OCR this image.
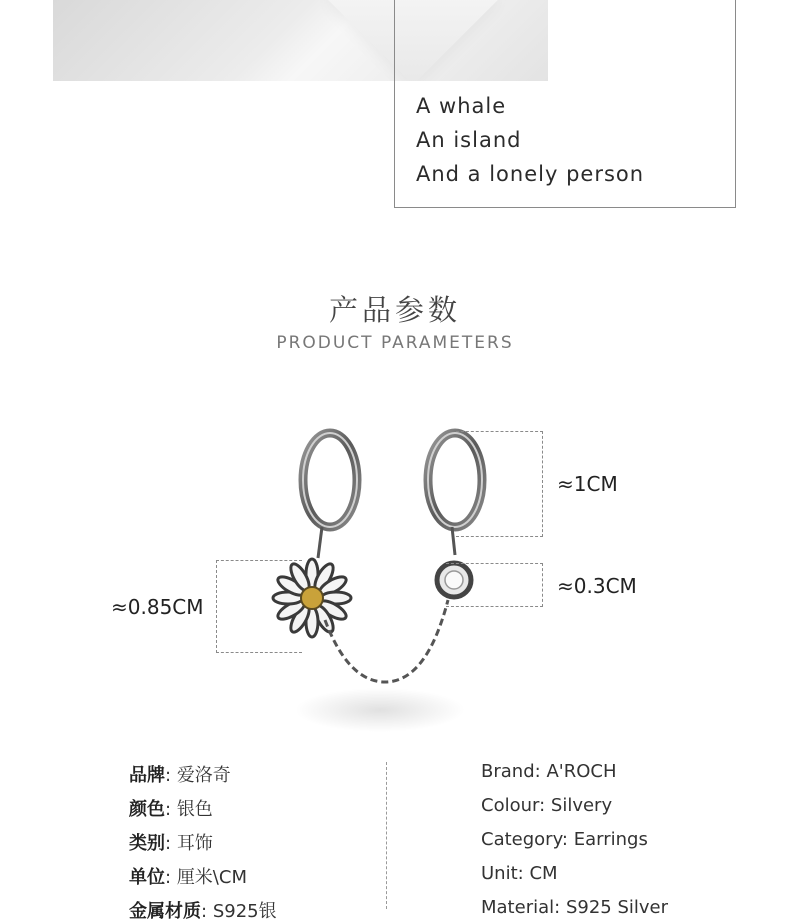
A whale
An island
And a lonely person
产品参数
PRODUCT PARAMETERS
≈1CM
≈0.3CM
≈0.85CM
品牌: 爱洛奇
颜色: 银色
类别: 耳饰
单位: 厘米\CM
金属材质: S925银
Brand: A'ROCH
Colour: Silvery
Category: Earrings
Unit: CM
Material: S925 Silver
